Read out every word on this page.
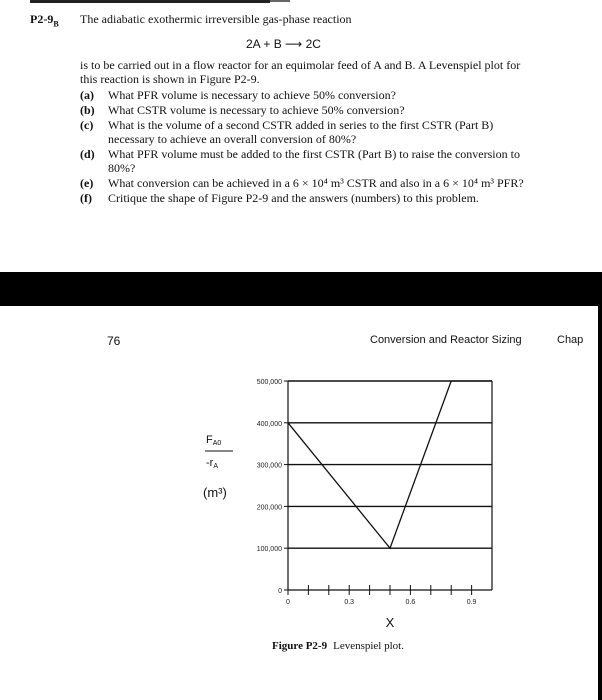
$P2-9_B$ The adiabatic exothermic irreversible gas-phase reaction
2A + B ⟶ 2C
is to be carried out in a flow reactor for an equimolar feed of A and B. A Levenspiel plot for this reaction is shown in Figure P2-9.
(a)	What PFR volume is necessary to achieve 50% conversion?
(b)	What CSTR volume is necessary to achieve 50% conversion?
(c)	What is the volume of a second CSTR added in series to the first CSTR (Part B) necessary to achieve an overall conversion of 80%?
(d)	What PFR volume must be added to the first CSTR (Part B) to raise the conversion to 80%?
(e)	What conversion can be achieved in a 6 × 10⁴ m³ CSTR and also in a 6 × 10⁴ m³ PFR?
(f)	Critique the shape of Figure P2-9 and the answers (numbers) to this problem.
76	Conversion and Reactor Sizing	Chap
0
100,000
200,000
300,000
400,000
500,000
0	0.3	0.6	0.9
X
FA0
-rA
(m³)
Figure P2-9 Levenspiel plot.
